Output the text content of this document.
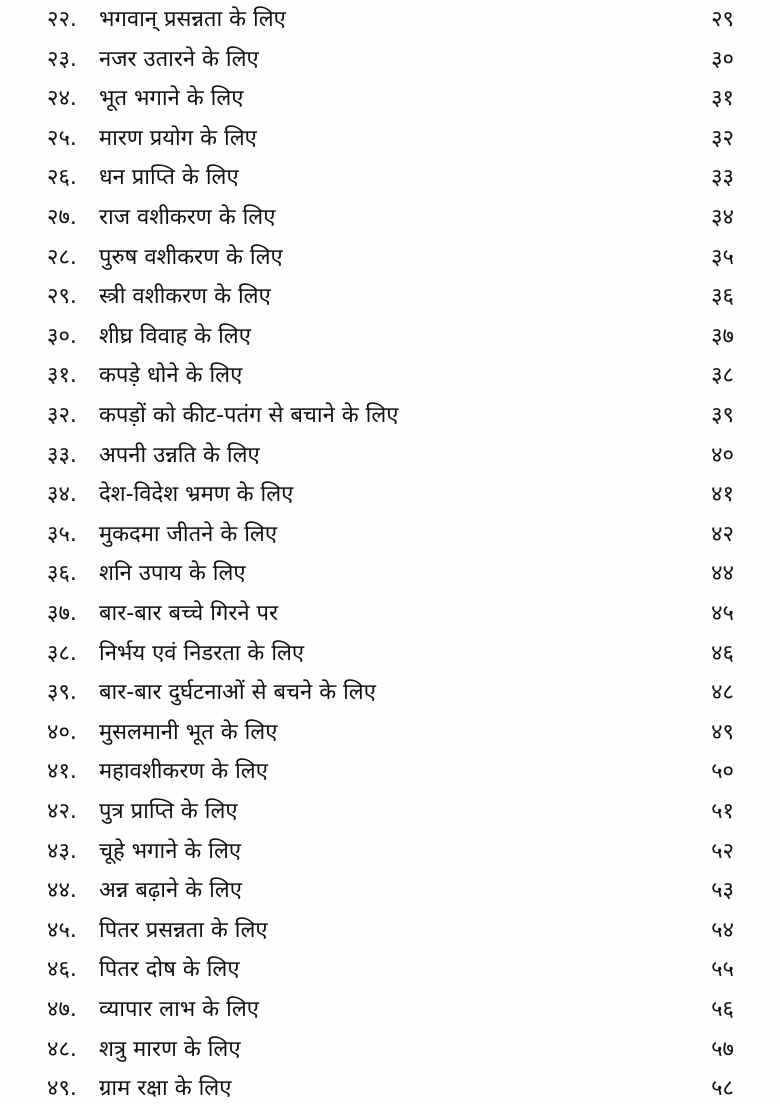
२२. भगवान् प्रसन्नता के लिए	२९
२३. नजर उतारने के लिए	३०
२४. भूत भगाने के लिए	३१
२५. मारण प्रयोग के लिए	३२
२६. धन प्राप्ति के लिए	३३
२७. राज वशीकरण के लिए	३४
२८. पुरुष वशीकरण के लिए	३५
२९. स्त्री वशीकरण के लिए	३६
३०. शीघ्र विवाह के लिए	३७
३१. कपड़े धोने के लिए	३८
३२. कपड़ों को कीट-पतंग से बचाने के लिए	३९
३३. अपनी उन्नति के लिए	४०
३४. देश-विदेश भ्रमण के लिए	४१
३५. मुकदमा जीतने के लिए	४२
३६. शनि उपाय के लिए	४४
३७. बार-बार बच्चे गिरने पर	४५
३८. निर्भय एवं निडरता के लिए	४६
३९. बार-बार दुर्घटनाओं से बचने के लिए	४८
४०. मुसलमानी भूत के लिए	४९
४१. महावशीकरण के लिए	५०
४२. पुत्र प्राप्ति के लिए	५१
४३. चूहे भगाने के लिए	५२
४४. अन्न बढ़ाने के लिए	५३
४५. पितर प्रसन्नता के लिए	५४
४६. पितर दोष के लिए	५५
४७. व्यापार लाभ के लिए	५६
४८. शत्रु मारण के लिए	५७
४९. ग्राम रक्षा के लिए	५८
